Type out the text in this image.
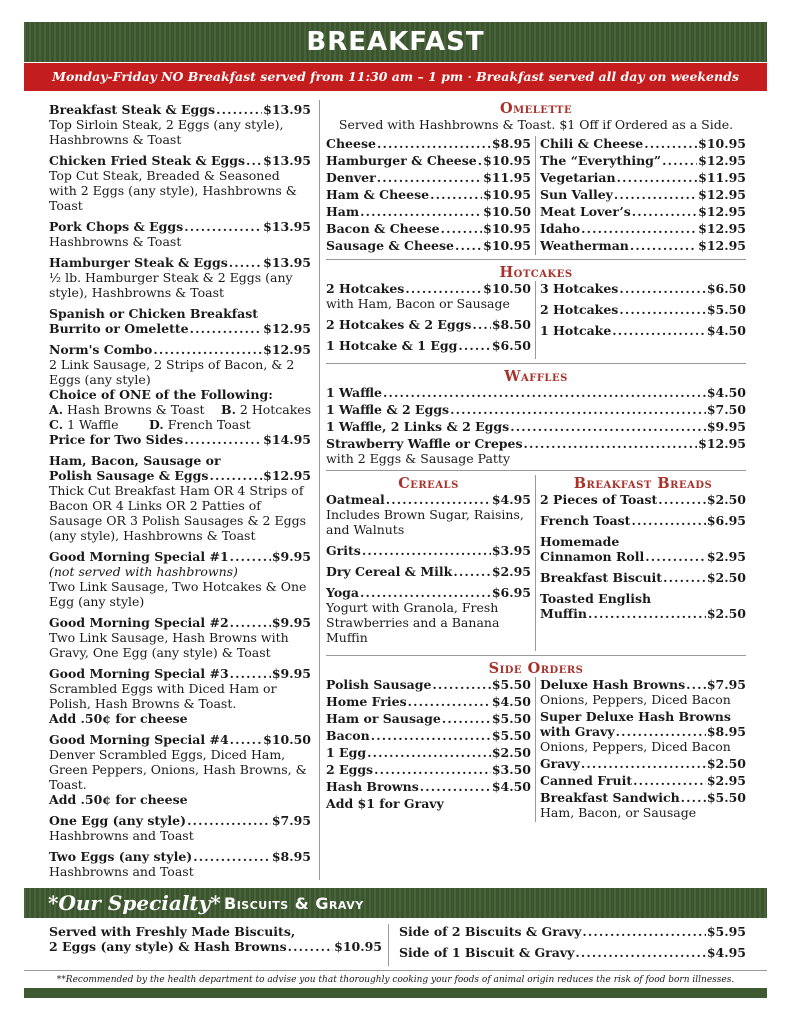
BREAKFAST
Monday-Friday NO Breakfast served from 11:30 am – 1 pm · Breakfast served all day on weekends
Breakfast Steak & Eggs . . .	$13.95
Top Sirloin Steak, 2 Eggs (any style), Hashbrowns & Toast
Chicken Fried Steak & Eggs . . . $13.95
Top Cut Steak, Breaded & Seasoned with 2 Eggs (any style), Hashbrowns & Toast
Pork Chops & Eggs . . .	$13.95
Hashbrowns & Toast
Hamburger Steak & Eggs . . .	$13.95
½ lb. Hamburger Steak & 2 Eggs (any style), Hashbrowns & Toast
Spanish or Chicken Breakfast
Burrito or Omelette . . .	$12.95
Norm's Combo . . .	$12.95
2 Link Sausage, 2 Strips of Bacon, & 2 Eggs (any style)
Choice of ONE of the Following:
A. Hash Browns & Toast	B. 2 Hotcakes
C. 1 Waffle	D. French Toast
Price for Two Sides . . .	$14.95
Ham, Bacon, Sausage or
Polish Sausage & Eggs . . .	$12.95
Thick Cut Breakfast Ham OR 4 Strips of Bacon OR 4 Links OR 2 Patties of Sausage OR 3 Polish Sausages & 2 Eggs (any style), Hashbrowns & Toast
Good Morning Special #1 . . .	$9.95
(not served with hashbrowns)
Two Link Sausage, Two Hotcakes & One Egg (any style)
Good Morning Special #2 . . .	$9.95
Two Link Sausage, Hash Browns with Gravy, One Egg (any style) & Toast
Good Morning Special #3 . . .	$9.95
Scrambled Eggs with Diced Ham or Polish, Hash Browns & Toast.
Add .50¢ for cheese
Good Morning Special #4 . . .	$10.50
Denver Scrambled Eggs, Diced Ham, Green Peppers, Onions, Hash Browns, & Toast.
Add .50¢ for cheese
One Egg (any style) . . .	$7.95
Hashbrowns and Toast
Two Eggs (any style) . . .	$8.95
Hashbrowns and Toast
Omelette
Served with Hashbrowns & Toast. $1 Off if Ordered as a Side.
Cheese . . .	$8.95
Hamburger & Cheese . . . $10.95
Denver . . .	$11.95
Ham & Cheese . . .	$10.95
Ham . . .	$10.50
Bacon & Cheese . . .	$10.95
Sausage & Cheese . . . $10.95
Chili & Cheese . . .	$10.95
The “Everything” . . .	$12.95
Vegetarian . . .	$11.95
Sun Valley . . .	$12.95
Meat Lover’s . . .	$12.95
Idaho . . .	$12.95
Weatherman . . .	$12.95
Hotcakes
2 Hotcakes . . .	$10.50
with Ham, Bacon or Sausage
2 Hotcakes & 2 Eggs . . . $8.50
1 Hotcake & 1 Egg . . .	$6.50
3 Hotcakes . . .	$6.50
2 Hotcakes . . .	$5.50
1 Hotcake . . .	$4.50
Waffles
1 Waffle . . .	$4.50
1 Waffle & 2 Eggs . . .	$7.50
1 Waffle, 2 Links & 2 Eggs . . .	$9.95
Strawberry Waffle or Crepes . . .	$12.95
with 2 Eggs & Sausage Patty
Cereals
Oatmeal . . .	$4.95
Includes Brown Sugar, Raisins, and Walnuts
Grits . . .	$3.95
Dry Cereal & Milk . . .	$2.95
Yoga . . .	$6.95
Yogurt with Granola, Fresh Strawberries and a Banana Muffin
Breakfast Breads
2 Pieces of Toast . . .	$2.50
French Toast . . .	$6.95
Homemade
Cinnamon Roll . . .	$2.95
Breakfast Biscuit . . .	$2.50
Toasted English
Muffin . . .	$2.50
Side Orders
Polish Sausage . . .	$5.50
Home Fries . . .	$4.50
Ham or Sausage . . .	$5.50
Bacon . . .	$5.50
1 Egg . . .	$2.50
2 Eggs . . .	$3.50
Hash Browns . . .	$4.50
Add $1 for Gravy
Deluxe Hash Browns . . . $7.95
Onions, Peppers, Diced Bacon
Super Deluxe Hash Browns
with Gravy . . .	$8.95
Onions, Peppers, Diced Bacon
Gravy . . .	$2.50
Canned Fruit . . .	$2.95
Breakfast Sandwich . . . $5.50
Ham, Bacon, or Sausage
*Our Specialty* Biscuits & Gravy
Served with Freshly Made Biscuits,
2 Eggs (any style) & Hash Browns . . .	$10.95
Side of 2 Biscuits & Gravy . . .	$5.95
Side of 1 Biscuit & Gravy . . .	$4.95
**Recommended by the health department to advise you that thoroughly cooking your foods of animal origin reduces the risk of food born illnesses.
